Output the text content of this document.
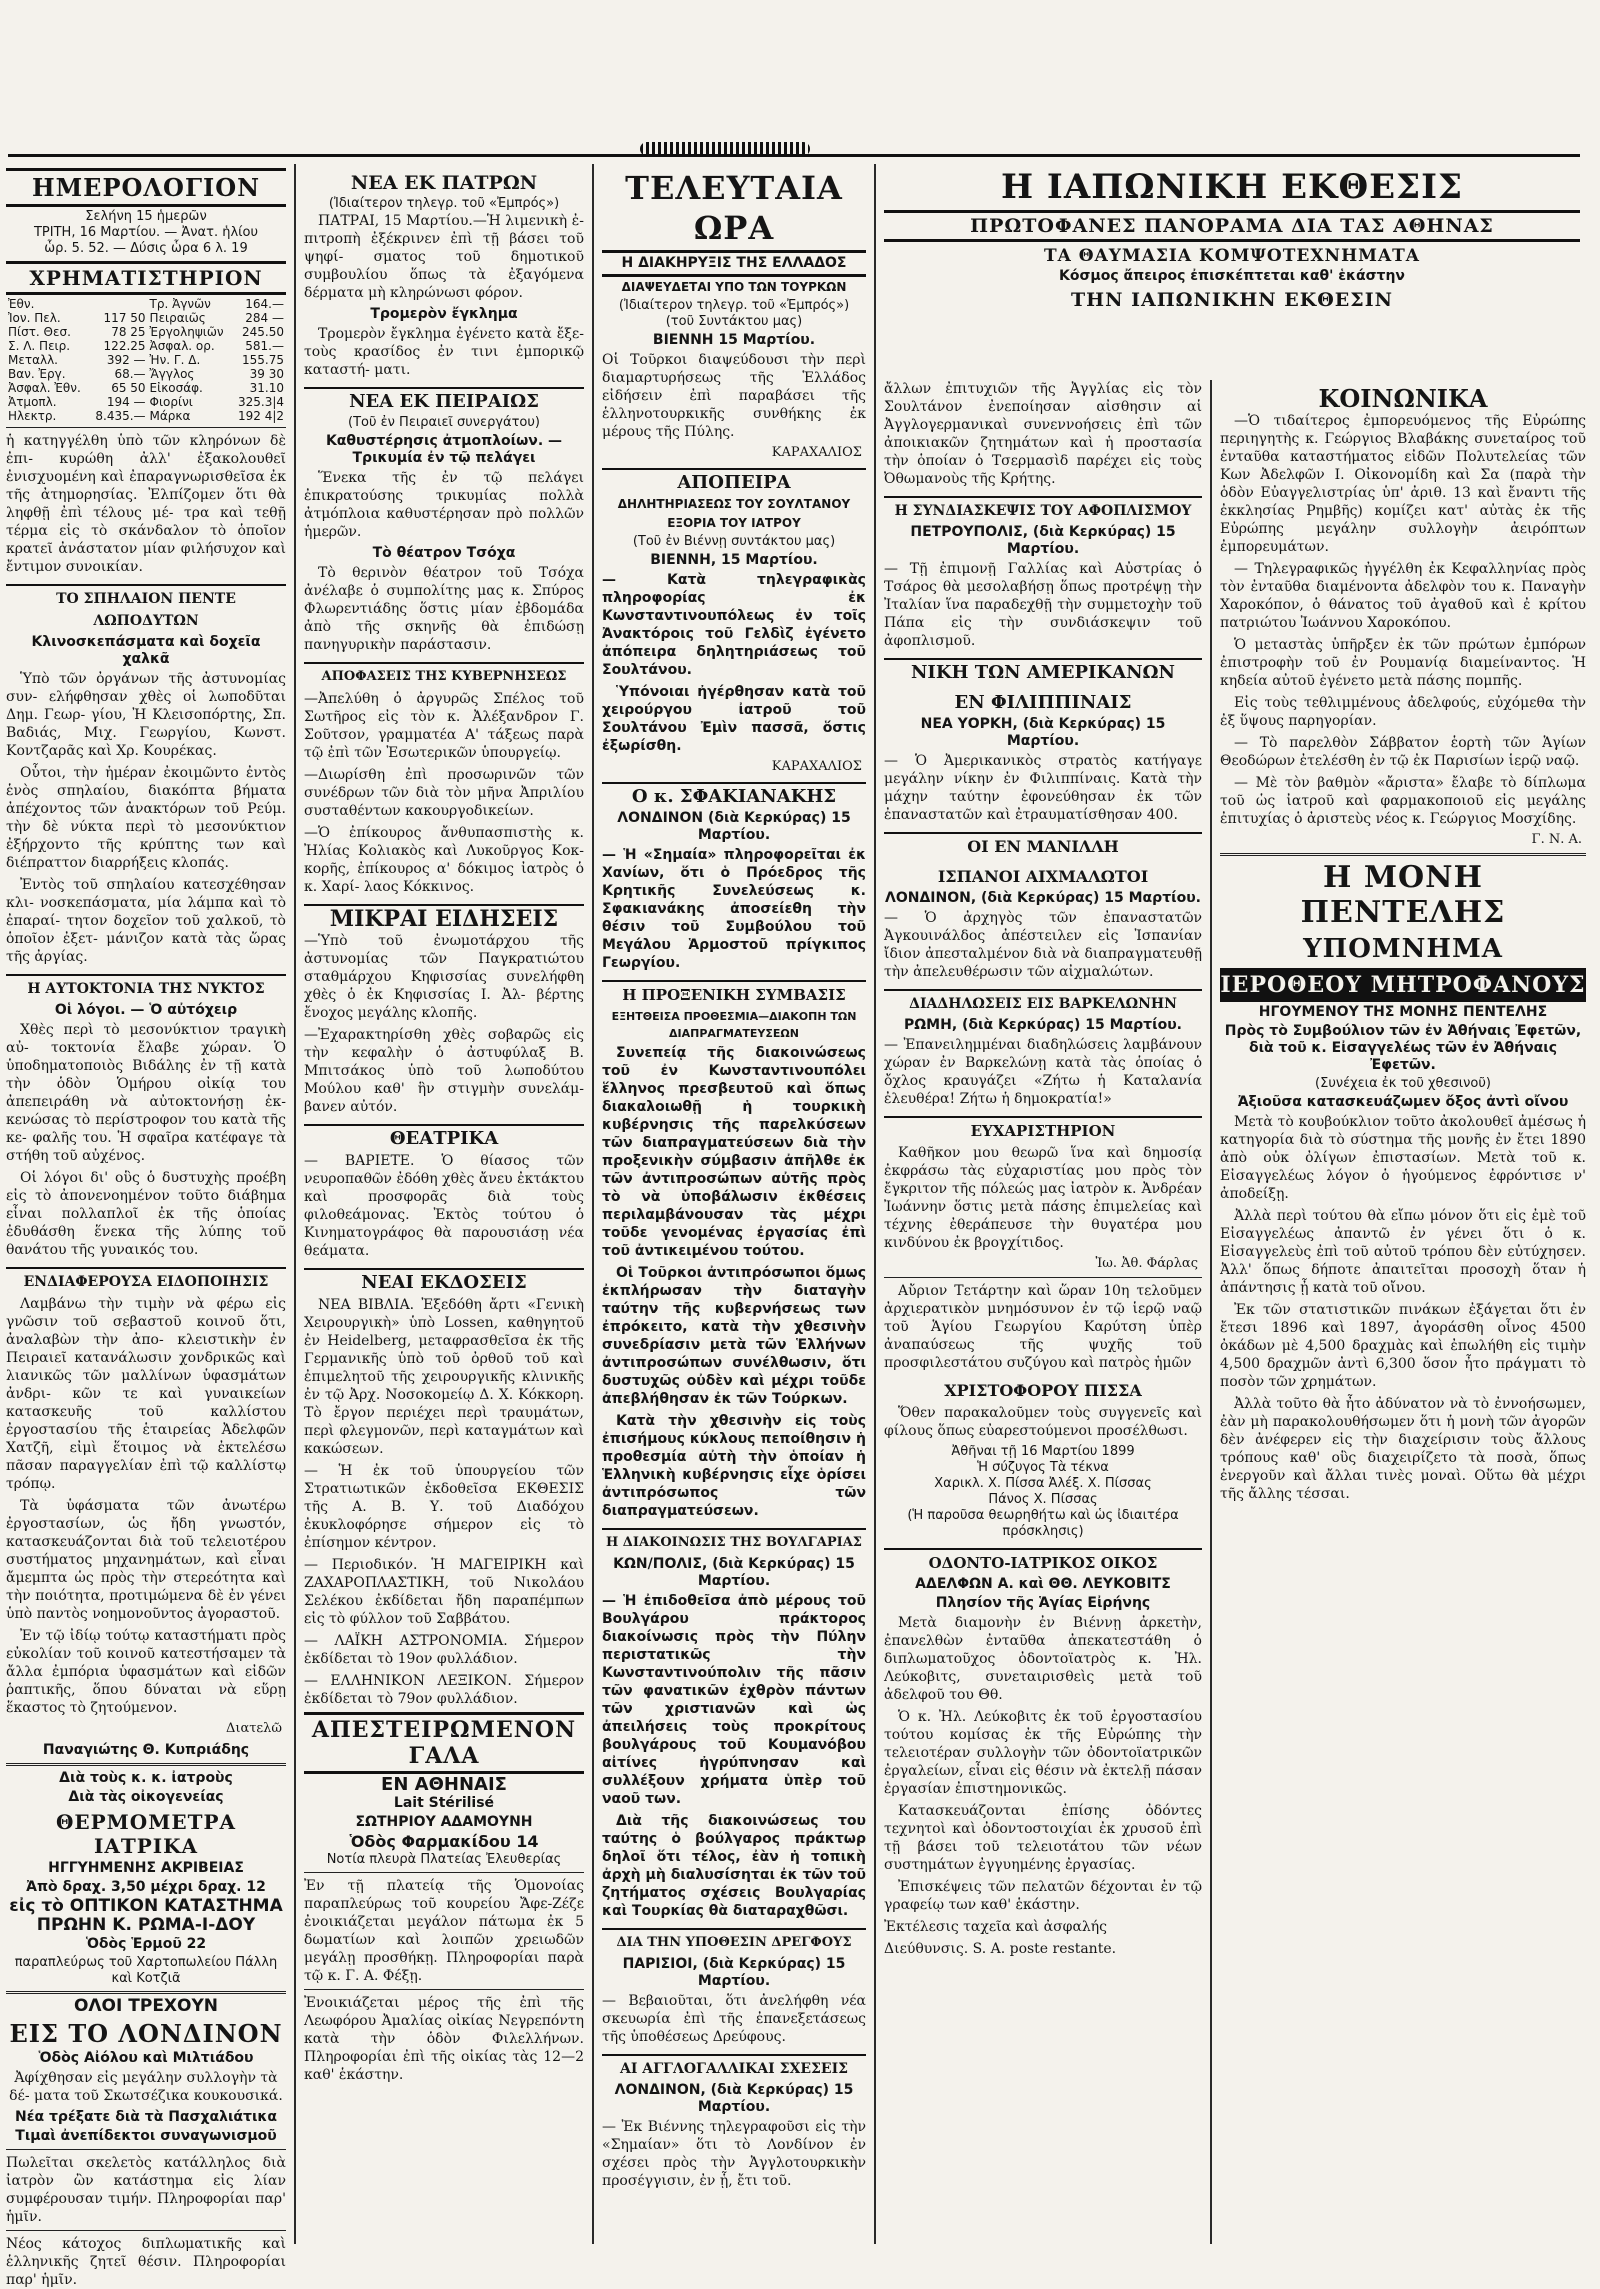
ΗΜΕΡΟΛΟΓΙΟΝ
Σελήνη 15 ἡμερῶν
ΤΡΙΤΗ, 16 Μαρτίου. — Ἀνατ. ἡλίου
ὧρ. 5. 52. — Δύσις ὧρα 6 λ. 19
ΧΡΗΜΑΤΙΣΤΗΡΙΟΝ
Ἐθν.		Τρ. Ἀγνῶν	164.—
Ἰον. Πελ.	117 50	Πειραιῶς	284 —
Πίστ. Θεσ.	78 25	Ἐργοληψιῶν	245.50
Σ. Λ. Πειρ.	122.25	Ἀσφαλ. ορ.	581.—
Μεταλλ.	392 —	Ἠν. Γ. Δ.	155.75
Βαν. Ἐργ.	68.—	Ἄγγλος	39 30
Ἀσφαλ. Ἐθν.	65 50	Εἰκοσάφ.	31.10
Ἀτμοπλ.	194 —	Φιορίνι	325.3|4
Ηλεκτρ.	8.435.—	Μάρκα	192 4|2

ἡ κατηγγέλθη ὑπὸ τῶν κληρόνων δὲ ἐπι- κυρώθη ἀλλ' ἐξακολουθεῖ ἐνισχυομένη καὶ ἐπαραγνωρισθεῖσα ἐκ τῆς ἀτημορησίας. Ἐλπίζομεν ὅτι θὰ ληφθῇ ἐπὶ τέλους μέ- τρα καὶ τεθῇ τέρμα εἰς τὸ σκάνδαλον τὸ ὁποῖον κρατεῖ ἀνάστατον μίαν φιλήσυχον καὶ ἔντιμον συνοικίαν.

ΤΟ ΣΠΗΛΑΙΟΝ ΠΕΝΤΕ ΛΩΠΟΔΥΤΩΝ
Κλινοσκεπάσματα καὶ δοχεῖα χαλκᾶ

Ὑπὸ τῶν ὀργάνων τῆς ἀστυνομίας συν- ελήφθησαν χθὲς οἱ λωποδῦται Δημ. Γεωρ- γίου, Ἠ Κλεισοπόρτης, Σπ. Βαδιάς, Μιχ. Γεωργίου, Κωνστ. Κοντζαρᾶς καὶ Χρ. Κουρέκας.

Οὗτοι, τὴν ἡμέραν ἐκοιμῶντο ἐντὸς ἑνὸς σπηλαίου, διακόπτα βήματα ἀπέχοντος τῶν ἀνακτόρων τοῦ Ρεύμ. τὴν δὲ νύκτα περὶ τὸ μεσονύκτιον ἐξήρχοντο τῆς κρύπτης των καὶ διέπραττον διαρρήξεις κλοπάς.

Ἐντὸς τοῦ σπηλαίου κατεσχέθησαν κλι- νοσκεπάσματα, μία λάμπα καὶ τὸ ἐπαραί- τητον δοχεῖον τοῦ χαλκοῦ, τὸ ὁποῖον ἐξετ- μάνιζον κατὰ τὰς ὥρας τῆς ἀργίας.

Η ΑΥΤΟΚΤΟΝΙΑ ΤΗΣ ΝΥΚΤΟΣ
Οἱ λόγοι. — Ὁ αὐτόχειρ

Χθὲς περὶ τὸ μεσονύκτιον τραγικὴ αὐ- τοκτονία ἔλαβε χώραν. Ὁ ὑποδηματοποιὸς Βιδάλης ἐν τῇ κατὰ τὴν ὁδὸν Ὁμήρου οἰκίᾳ του ἀπεπειράθη νὰ αὐτοκτονήσῃ ἐκ- κενώσας τὸ περίστροφον του κατὰ τῆς κε- φαλῆς του. Ἡ σφαῖρα κατέφαγε τὰ στήθη τοῦ αὐχένος.

Οἱ λόγοι δι' οὓς ὁ δυστυχὴς προέβη εἰς τὸ ἀπονενοημένον τοῦτο διάβημα εἶναι πολλαπλοῖ ἐκ τῆς ὁποίας ἐδυθάσθη ἕνεκα τῆς λύπης τοῦ θανάτου τῆς γυναικός του.

ΕΝΔΙΑΦΕΡΟΥΣΑ ΕΙΔΟΠΟΙΗΣΙΣ

Λαμβάνω τὴν τιμὴν νὰ φέρω εἰς γνῶσιν τοῦ σεβαστοῦ κοινοῦ ὅτι, ἀναλαβὼν τὴν ἀπο- κλειστικὴν ἐν Πειραιεῖ κατανάλωσιν χονδρικῶς καὶ λιανικῶς τῶν μαλλίνων ὑφασμάτων ἀνδρι- κῶν τε καὶ γυναικείων κατασκευῆς τοῦ καλλίστου ἐργοστασίου τῆς ἑταιρείας Ἀδελφῶν Χατζῆ, εἰμὶ ἕτοιμος νὰ ἐκτελέσω πᾶσαν παραγγελίαν ἐπὶ τῷ καλλίστῳ τρόπῳ.

Τὰ ὑφάσματα τῶν ἀνωτέρω ἐργοστασίων, ὡς ἤδη γνωστόν, κατασκευάζονται διὰ τοῦ τελειοτέρου συστήματος μηχανημάτων, καὶ εἶναι ἄμεμπτα ὡς πρὸς τὴν στερεότητα καὶ τὴν ποιότητα, προτιμώμενα δὲ ἐν γένει ὑπὸ παντὸς νοημονοῦντος ἀγοραστοῦ.

Ἐν τῷ ἰδίῳ τούτῳ καταστήματι πρὸς εὐκολίαν τοῦ κοινοῦ κατεστήσαμεν τὰ ἄλλα ἐμπόρια ὑφασμάτων καὶ εἰδῶν ῥαπτικῆς, ὅπου δύναται νὰ εὕρῃ ἕκαστος τὸ ζητούμενον.

Διατελῶ
Παναγιώτης Θ. Κυπριάδης
Διὰ τοὺς κ. κ. ἰατροὺς
Διὰ τὰς οἰκογενείας
ΘΕΡΜΟΜΕΤΡΑ ΙΑΤΡΙΚΑ
ΗΓΓΥΗΜΕΝΗΣ ΑΚΡΙΒΕΙΑΣ
Ἀπὸ δραχ. 3,50 μέχρι δραχ. 12
εἰς τὸ ΟΠΤΙΚΟΝ ΚΑΤΑΣΤΗΜΑ
ΠΡΩΗΝ Κ. ΡΩΜΑ-Ι-ΔΟΥ
Ὁδὸς Ἑρμοῦ 22
παραπλεύρως τοῦ Χαρτοπωλείου Πάλλη καὶ Κοτζιᾶ
ΟΛΟΙ ΤΡΕΧΟΥΝ
ΕΙΣ ΤΟ ΛΟΝΔΙΝΟΝ
Ὁδὸς Αἰόλου καὶ Μιλτιάδου

Ἀφίχθησαν εἰς μεγάλην συλλογὴν τὰ δέ- ματα τοῦ Σκωτσέζικα κουκουσικά.

Νέα τρέξατε διὰ τὰ Πασχαλιάτικα
Τιμαὶ ἀνεπίδεκτοι συναγωνισμοῦ

Πωλεῖται σκελετὸς κατάλληλος διὰ ἰατρὸν ὢν κατάστημα εἰς λίαν συμφέρουσαν τιμήν. Πληροφορίαι παρ' ἡμῖν.

Νέος κάτοχος διπλωματικῆς καὶ ἑλληνικῆς ζητεῖ θέσιν. Πληροφορίαι παρ' ἡμῖν.

ΝΕΑ ΕΚ ΠΑΤΡΩΝ
(Ἰδιαίτερον τηλεγρ. τοῦ «Ἐμπρός»)

ΠΑΤΡΑΙ, 15 Μαρτίου.—Ἡ λιμενικὴ ἐ- πιτροπὴ ἐξέκρινεν ἐπὶ τῇ βάσει τοῦ ψηφί- σματος τοῦ δημοτικοῦ συμβουλίου ὅπως τὰ ἐξαγόμενα δέρματα μὴ κληρώνωσι φόρον.

Τρομερὸν ἔγκλημα

Τρομερὸν ἔγκλημα ἐγένετο κατὰ ἔξε- τοὺς κρασίδος ἐν τινι ἐμπορικῷ καταστή- ματι.

ΝΕΑ ΕΚ ΠΕΙΡΑΙΩΣ
(Τοῦ ἐν Πειραιεῖ συνεργάτου)
Καθυστέρησις ἀτμοπλοίων. — Τρικυμία ἐν τῷ πελάγει

Ἕνεκα τῆς ἐν τῷ πελάγει ἐπικρατούσης τρικυμίας πολλὰ ἀτμόπλοια καθυστέρησαν πρὸ πολλῶν ἡμερῶν.

Τὸ θέατρον Τσόχα

Τὸ θερινὸν θέατρον τοῦ Τσόχα ἀνέλαβε ὁ συμπολίτης μας κ. Σπύρος Φλωρεντιάδης ὅστις μίαν ἐβδομάδα ἀπὸ τῆς σκηνῆς θὰ ἐπιδώσῃ πανηγυρικὴν παράστασιν.

ΑΠΟΦΑΣΕΙΣ ΤΗΣ ΚΥΒΕΡΝΗΣΕΩΣ

—Ἀπελύθη ὁ ἀργυρῶς Σπέλος τοῦ Σωτῆρος εἰς τὸν κ. Ἀλέξανδρον Γ. Σοῦτσον, γραμματέα Α' τάξεως παρὰ τῷ ἐπὶ τῶν Ἐσωτερικῶν ὑπουργείῳ.

—Διωρίσθη ἐπὶ προσωρινῶν τῶν συνέδρων τῶν διὰ τὸν μῆνα Ἀπριλίου συσταθέντων κακουργοδικείων.

—Ὁ ἐπίκουρος ἄνθυπασπιστὴς κ. Ἠλίας Κολιακὸς καὶ Λυκοῦργος Κοκ- κορῆς, ἐπίκουρος α' δόκιμος ἰατρὸς ὁ κ. Χαρί- λαος Κόκκινος.

ΜΙΚΡΑΙ ΕΙΔΗΣΕΙΣ

—Ὑπὸ τοῦ ἐνωμοτάρχου τῆς ἀστυνομίας τῶν Παγκρατιώτου σταθμάρχου Κηφισσίας συνελήφθη χθὲς ὁ ἐκ Κηφισσίας Ι. Ἀλ- βέρτης ἔνοχος μεγάλης κλοπῆς.

—Ἐχαρακτηρίσθη χθὲς σοβαρῶς εἰς τὴν κεφαλὴν ὁ ἀστυφύλαξ Β. Μπιτσάκος ὑπὸ τοῦ λωποδύτου Μούλου καθ' ἣν στιγμὴν συνελάμ- βανεν αὐτόν.

ΘΕΑΤΡΙΚΑ

— ΒΑΡΙΕΤΕ. Ὁ θίασος τῶν νευροπαθῶν ἐδόθη χθὲς ἄνευ ἐκτάκτου καὶ προσφορᾶς διὰ τοὺς φιλοθεάμονας. Ἐκτὸς τούτου ὁ Κινηματογράφος θὰ παρουσιάσῃ νέα θεάματα.

ΝΕΑΙ ΕΚΔΟΣΕΙΣ

ΝΕΑ ΒΙΒΛΙΑ. Ἐξεδόθη ἄρτι «Γενικὴ Χειρουργικὴ» ὑπὸ Lossen, καθηγητοῦ ἐν Heidelberg, μεταφρασθεῖσα ἐκ τῆς Γερμανικῆς ὑπὸ τοῦ ὀρθοῦ τοῦ καὶ ἐπιμελητοῦ τῆς χειρουργικῆς κλινικῆς ἐν τῷ Ἀρχ. Νοσοκομείῳ Δ. Χ. Κόκκορη. Τὸ ἔργον περιέχει περὶ τραυμάτων, περὶ φλεγμονῶν, περὶ καταγμάτων καὶ κακώσεων.

— Ἡ ἐκ τοῦ ὑπουργείου τῶν Στρατιωτικῶν ἐκδοθεῖσα ΕΚΘΕΣΙΣ τῆς Α. Β. Υ. τοῦ Διαδόχου ἐκυκλοφόρησε σήμερον εἰς τὸ ἐπίσημον κέντρον.

— Περιοδικόν. Ἡ ΜΑΓΕΙΡΙΚΗ καὶ ΖΑΧΑΡΟΠΛΑΣΤΙΚΗ, τοῦ Νικολάου Σελέκου ἐκδίδεται ἤδη παραπέμπων εἰς τὸ φύλλον τοῦ Σαββάτου.

— ΛΑΪΚΗ ΑΣΤΡΟΝΟΜΙΑ. Σήμερον ἐκδίδεται τὸ 19ον φυλλάδιον.

— ΕΛΛΗΝΙΚΟΝ ΛΕΞΙΚΟΝ. Σήμερον ἐκδίδεται τὸ 79ον φυλλάδιον.

ΑΠΕΣΤΕΙΡΩΜΕΝΟΝ ΓΑΛΑ
ΕΝ ΑΘΗΝΑΙΣ
Lait Stérilisé
ΣΩΤΗΡΙΟΥ ΑΔΑΜΟΥΝΗ
Ὁδὸς Φαρμακίδου 14
Νοτία πλευρὰ Πλατείας Ἐλευθερίας

Ἐν τῇ πλατείᾳ τῆς Ὁμονοίας παραπλεύρως τοῦ κουρείου Ἄφε-Ζέζε ἐνοικιάζεται μεγάλον πάτωμα ἐκ 5 δωματίων καὶ λοιπῶν χρειωδῶν μεγάλῃ προσθήκῃ. Πληροφορίαι παρὰ τῷ κ. Γ. Α. Φέξῃ.

Ἐνοικιάζεται μέρος τῆς ἐπὶ τῆς Λεωφόρου Ἀμαλίας οἰκίας Νεγρεπόντη κατὰ τὴν ὁδὸν Φιλελλήνων. Πληροφορίαι ἐπὶ τῆς οἰκίας τὰς 12—2 καθ' ἑκάστην.

ΤΕΛΕΥΤΑΙΑ ΩΡΑ
Η ΔΙΑΚΗΡΥΞΙΣ ΤΗΣ ΕΛΛΑΔΟΣ
ΔΙΑΨΕΥΔΕΤΑΙ ΥΠΟ ΤΩΝ ΤΟΥΡΚΩΝ
(Ἰδιαίτερον τηλεγρ. τοῦ «Ἐμπρός»)
(τοῦ Συντάκτου μας)
ΒΙΕΝΝΗ 15 Μαρτίου.

Οἱ Τοῦρκοι διαψεύδουσι τὴν περὶ διαμαρτυρήσεως τῆς Ἑλλάδος εἰδήσειν ἐπὶ παραβάσει τῆς ἑλληνοτουρκικῆς συνθήκης ἐκ μέρους τῆς Πύλης.

ΚΑΡΑΧΑΛΙΟΣ
ΑΠΟΠΕΙΡΑ
ΔΗΛΗΤΗΡΙΑΣΕΩΣ ΤΟΥ ΣΟΥΛΤΑΝΟΥ
ΕΞΟΡΙΑ ΤΟΥ ΙΑΤΡΟΥ
(Τοῦ ἐν Βιέννῃ συντάκτου μας)
ΒΙΕΝΝΗ, 15 Μαρτίου.

— Κατὰ τηλεγραφικὰς πληροφορίας ἐκ Κωνσταντινουπόλεως ἐν τοῖς Ἀνακτόροις τοῦ Γελδὶζ ἐγένετο ἀπόπειρα δηλητηριάσεως τοῦ Σουλτάνου.

Ὑπόνοιαι ἠγέρθησαν κατὰ τοῦ χειρούργου ἰατροῦ τοῦ Σουλτάνου Ἐμὶν πασσᾶ, ὅστις ἐξωρίσθη.

ΚΑΡΑΧΑΛΙΟΣ
Ο κ. ΣΦΑΚΙΑΝΑΚΗΣ
ΛΟΝΔΙΝΟΝ (διὰ Κερκύρας) 15 Μαρτίου.

— Ἡ «Σημαία» πληροφορεῖται ἐκ Χανίων, ὅτι ὁ Πρόεδρος τῆς Κρητικῆς Συνελεύσεως κ. Σφακιανάκης ἀποσείεθη τὴν θέσιν τοῦ Συμβούλου τοῦ Μεγάλου Ἁρμοστοῦ πρίγκιπος Γεωργίου.

Η ΠΡΟΞΕΝΙΚΗ ΣΥΜΒΑΣΙΣ
ΕΞΗΤΘΕΙΣΑ ΠΡΟΘΕΣΜΙΑ—ΔΙΑΚΟΠΗ ΤΩΝ ΔΙΑΠΡΑΓΜΑΤΕΥΣΕΩΝ

Συνεπείᾳ τῆς διακοινώσεως τοῦ ἐν Κωνσταντινουπόλει ἕλληνος πρεσβευτοῦ καὶ ὅπως διακαλοιωθῇ ἡ τουρκικὴ κυβέρνησις τῆς παρελκύσεων τῶν διαπραγματεύσεων διὰ τὴν προξενικὴν σύμβασιν ἀπῆλθε ἐκ τῶν ἀντιπροσώπων αὐτῆς πρὸς τὸ νὰ ὑποβάλωσιν ἐκθέσεις περιλαμβάνουσαν τὰς μέχρι τοῦδε γενομένας ἐργασίας ἐπὶ τοῦ ἀντικειμένου τούτου.

Οἱ Τοῦρκοι ἀντιπρόσωποι ὅμως ἐκπλήρωσαν τὴν διαταγὴν ταύτην τῆς κυβερνήσεως των ἐπρόκειτο, κατὰ τὴν χθεσινὴν συνεδρίασιν μετὰ τῶν Ἑλλήνων ἀντιπροσώπων συνέλθωσιν, ὅτι δυστυχῶς οὐδὲν καὶ μέχρι τοῦδε ἀπεβλήθησαν ἐκ τῶν Τούρκων.

Κατὰ τὴν χθεσινὴν εἰς τοὺς ἐπισήμους κύκλους πεποίθησιν ἡ προθεσμία αὐτὴ τὴν ὁποίαν ἡ Ἑλληνικὴ κυβέρνησις εἶχε ὁρίσει ἀντιπρόσωπος τῶν διαπραγματεύσεων.

Η ΔΙΑΚΟΙΝΩΣΙΣ ΤΗΣ ΒΟΥΛΓΑΡΙΑΣ
ΚΩΝ/ΠΟΛΙΣ, (διὰ Κερκύρας) 15 Μαρτίου.

— Ἡ ἐπιδοθεῖσα ἀπὸ μέρους τοῦ Βουλγάρου πράκτορος διακοίνωσις πρὸς τὴν Πύλην περιστατικῶς τὴν Κωνσταντινούπολιν τῆς πᾶσιν τῶν φανατικῶν ἐχθρὸν πάντων τῶν χριστιανῶν καὶ ὡς ἀπειλήσεις τοὺς προκρίτους βουλγάρους τοῦ Κουμανόβου αἰτίνες ἠγρύπνησαν καὶ συλλέξουν χρήματα ὑπὲρ τοῦ ναοῦ των.

Διὰ τῆς διακοινώσεως του ταύτης ὁ βούλγαρος πράκτωρ δηλοῖ ὅτι τέλος, ἐὰν ἡ τοπικὴ ἀρχὴ μὴ διαλυσίσηται ἐκ τῶν τοῦ ζητήματος σχέσεις Βουλγαρίας καὶ Τουρκίας θὰ διαταραχθῶσι.

ΔΙΑ ΤΗΝ ΥΠΟΘΕΣΙΝ ΔΡΕΓΦΟΥΣ
ΠΑΡΙΣΙΟΙ, (διὰ Κερκύρας) 15 Μαρτίου.

— Βεβαιοῦται, ὅτι ἀνελήφθη νέα σκευωρία ἐπὶ τῆς ἐπανεξετάσεως τῆς ὑποθέσεως Δρεύφους.

ΑΙ ΑΓΓΛΟΓΑΛΛΙΚΑΙ ΣΧΕΣΕΙΣ
ΛΟΝΔΙΝΟΝ, (διὰ Κερκύρας) 15 Μαρτίου.

— Ἐκ Βιέννης τηλεγραφοῦσι εἰς τὴν «Σημαίαν» ὅτι τὸ Λονδίνον ἐν σχέσει πρὸς τὴν Ἀγγλοτουρκικὴν προσέγγισιν, ἐν ᾗ, ἔτι τοῦ.

Η ΙΑΠΩΝΙΚΗ ΕΚΘΕΣΙΣ
ΠΡΩΤΟΦΑΝΕΣ ΠΑΝΟΡΑΜΑ ΔΙΑ ΤΑΣ ΑΘΗΝΑΣ
ΤΑ ΘΑΥΜΑΣΙΑ ΚΟΜΨΟΤΕΧΝΗΜΑΤΑ
Κόσμος ἄπειρος ἐπισκέπτεται καθ' ἑκάστην
ΤΗΝ ΙΑΠΩΝΙΚΗΝ ΕΚΘΕΣΙΝ

ἄλλων ἐπιτυχιῶν τῆς Ἀγγλίας εἰς τὸν Σουλτάνον ἐνεποίησαν αἰσθησιν αἱ Ἀγγλογερμανικαὶ συνεννοήσεις ἐπὶ τῶν ἀποικιακῶν ζητημάτων καὶ ἡ προστασία τὴν ὁποίαν ὁ Τσερμασὶδ παρέχει εἰς τοὺς Ὀθωμανοὺς τῆς Κρήτης.

Η ΣΥΝΔΙΑΣΚΕΨΙΣ ΤΟΥ ΑΦΟΠΛΙΣΜΟΥ
ΠΕΤΡΟΥΠΟΛΙΣ, (διὰ Κερκύρας) 15 Μαρτίου.

— Τῇ ἐπιμονῇ Γαλλίας καὶ Αὐστρίας ὁ Τσάρος θὰ μεσολαβήσῃ ὅπως προτρέψῃ τὴν Ἰταλίαν ἵνα παραδεχθῇ τὴν συμμετοχὴν τοῦ Πάπα εἰς τὴν συνδιάσκεψιν τοῦ ἀφοπλισμοῦ.

ΝΙΚΗ ΤΩΝ ΑΜΕΡΙΚΑΝΩΝ
ΕΝ ΦΙΛΙΠΠΙΝΑΙΣ
ΝΕΑ ΥΟΡΚΗ, (διὰ Κερκύρας) 15 Μαρτίου.

— Ὁ Ἀμερικανικὸς στρατὸς κατήγαγε μεγάλην νίκην ἐν Φιλιππίναις. Κατὰ τὴν μάχην ταύτην ἐφονεύθησαν ἐκ τῶν ἐπαναστατῶν καὶ ἐτραυματίσθησαν 400.

ΟΙ ΕΝ ΜΑΝΙΛΛΗ
ΙΣΠΑΝΟΙ ΑΙΧΜΑΛΩΤΟΙ
ΛΟΝΔΙΝΟΝ, (διὰ Κερκύρας) 15 Μαρτίου.

— Ὁ ἀρχηγὸς τῶν ἐπαναστατῶν Ἀγκουινάλδος ἀπέστειλεν εἰς Ἰσπανίαν ἴδιον ἀπεσταλμένον διὰ νὰ διαπραγματευθῇ τὴν ἀπελευθέρωσιν τῶν αἰχμαλώτων.

ΔΙΑΔΗΛΩΣΕΙΣ ΕΙΣ ΒΑΡΚΕΛΩΝΗΝ
ΡΩΜΗ, (διὰ Κερκύρας) 15 Μαρτίου.

— Ἐπανειλημμέναι διαδηλώσεις λαμβάνουν χώραν ἐν Βαρκελώνῃ κατὰ τὰς ὁποίας ὁ ὄχλος κραυγάζει «Ζήτω ἡ Καταλανία ἐλευθέρα! Ζήτω ἡ δημοκρατία!»

ΕΥΧΑΡΙΣΤΗΡΙΟΝ

Καθῆκον μου θεωρῶ ἵνα καὶ δημοσίᾳ ἐκφράσω τὰς εὐχαριστίας μου πρὸς τὸν ἔγκριτον τῆς πόλεώς μας ἰατρὸν κ. Ἀνδρέαν Ἰωάννην ὅστις μετὰ πάσης ἐπιμελείας καὶ τέχνης ἐθεράπευσε τὴν θυγατέρα μου κινδύνου ἐκ βρογχίτιδος.

Ἰω. Ἀθ. Φάρλας

Αὔριον Τετάρτην καὶ ὥραν 10η τελοῦμεν ἀρχιερατικὸν μνημόσυνον ἐν τῷ ἱερῷ ναῷ τοῦ Ἁγίου Γεωργίου Καρύτση ὑπὲρ ἀναπαύσεως τῆς ψυχῆς τοῦ προσφιλεστάτου συζύγου καὶ πατρὸς ἡμῶν

ΧΡΙΣΤΟΦΟΡΟΥ ΠΙΣΣΑ

Ὅθεν παρακαλοῦμεν τοὺς συγγενεῖς καὶ φίλους ὅπως εὐαρεστούμενοι προσέλθωσι.

Ἀθῆναι τῇ 16 Μαρτίου 1899
Ἡ σύζυγος Τὰ τέκνα
Χαρικλ. Χ. Πίσσα Ἀλέξ. Χ. Πίσσας
Πάνος Χ. Πίσσας
(Ἡ παροῦσα θεωρηθήτω καὶ ὡς ἰδιαιτέρα πρόσκλησις)
ΟΔΟΝΤΟ-ΙΑΤΡΙΚΟΣ ΟΙΚΟΣ
ΑΔΕΛΦΩΝ Α. καὶ ΘΘ. ΛΕΥΚΟΒΙΤΣ
Πλησίον τῆς Ἁγίας Εἰρήνης

Μετὰ διαμονὴν ἐν Βιέννῃ ἀρκετὴν, ἐπανελθὼν ἐνταῦθα ἀπεκατεστάθη ὁ διπλωματοῦχος ὀδοντοϊατρὸς κ. Ἠλ. Λεύκοβιτς, συνεταιρισθεὶς μετὰ τοῦ ἀδελφοῦ του Θθ.

Ὁ κ. Ἠλ. Λεύκοβιτς ἐκ τοῦ ἐργοστασίου τούτου κομίσας ἐκ τῆς Εὐρώπης τὴν τελειοτέραν συλλογὴν τῶν ὀδοντοϊατρικῶν ἐργαλείων, εἶναι εἰς θέσιν νὰ ἐκτελῇ πάσαν ἐργασίαν ἐπιστημονικῶς.

Κατασκευάζονται ἐπίσης ὀδόντες τεχνητοὶ καὶ ὀδοντοστοιχίαι ἐκ χρυσοῦ ἐπὶ τῇ βάσει τοῦ τελειοτάτου τῶν νέων συστημάτων ἐγγυημένης ἐργασίας.

Ἐπισκέψεις τῶν πελατῶν δέχονται ἐν τῷ γραφείῳ των καθ' ἑκάστην.

Ἐκτέλεσις ταχεῖα καὶ ἀσφαλής

Διεύθυνσις. S. A. poste restante.

ΚΟΙΝΩΝΙΚΑ

—Ὁ τιδαίτερος ἐμπορευόμενος τῆς Εὐρώπης περιηγητὴς κ. Γεώργιος Βλαβάκης συνεταίρος τοῦ ἐνταῦθα καταστήματος εἰδῶν Πολυτελείας τῶν Κων Ἀδελφῶν Ι. Οἰκονομίδη καὶ Σα (παρὰ τὴν ὁδὸν Εὐαγγελιστρίας ὑπ' ἀριθ. 13 καὶ ἔναντι τῆς ἐκκλησίας Ρημβῆς) κομίζει κατ' αὐτὰς ἐκ τῆς Εὐρώπης μεγάλην συλλογὴν ἀειρόπτων ἐμπορευμάτων.

— Τηλεγραφικῶς ἠγγέλθη ἐκ Κεφαλληνίας πρὸς τὸν ἐνταῦθα διαμένοντα ἀδελφὸν του κ. Παναγὴν Χαροκόπον, ὁ θάνατος τοῦ ἀγαθοῦ καὶ ἐ κρίτου πατριώτου Ἰωάννου Χαροκόπου.

Ὁ μεταστὰς ὑπῆρξεν ἐκ τῶν πρώτων ἐμπόρων ἐπιστροφὴν τοῦ ἐν Ρουμανίᾳ διαμείναντος. Ἡ κηδεία αὐτοῦ ἐγένετο μετὰ πάσης πομπῆς.

Εἰς τοὺς τεθλιμμένους ἀδελφούς, εὐχόμεθα τὴν ἐξ ὕψους παρηγορίαν.

— Τὸ παρελθὸν Σάββατον ἑορτὴ τῶν Ἁγίων Θεοδώρων ἐτελέσθη ἐν τῷ ἐκ Παρισίων ἱερῷ ναῷ.

— Μὲ τὸν βαθμὸν «ἄριστα» ἔλαβε τὸ δίπλωμα τοῦ ὡς ἰατροῦ καὶ φαρμακοποιοῦ εἰς μεγάλης ἐπιτυχίας ὁ ἀριστεὺς νέος κ. Γεώργιος Μοσχίδης.

Γ. Ν. Α.
Η ΜΟΝΗ ΠΕΝΤΕΛΗΣ
ΥΠΟΜΝΗΜΑ
ΙΕΡΟΘΕΟΥ ΜΗΤΡΟΦΑΝΟΥΣ
ΗΓΟΥΜΕΝΟΥ ΤΗΣ ΜΟΝΗΣ ΠΕΝΤΕΛΗΣ
Πρὸς τὸ Συμβούλιον τῶν ἐν Ἀθήναις Ἐφετῶν, διὰ τοῦ κ. Εἰσαγγελέως τῶν ἐν Ἀθήναις Ἐφετῶν.
(Συνέχεια ἐκ τοῦ χθεσινοῦ)
Ἀξιοῦσα κατασκευάζωμεν ὄξος ἀντὶ οἴνου

Μετὰ τὸ κουβούκλιον τοῦτο ἀκολουθεῖ ἀμέσως ἡ κατηγορία διὰ τὸ σύστημα τῆς μονῆς ἐν ἔτει 1890 ἀπὸ οὐκ ὀλίγων ἐπιστασίων. Μετὰ τοῦ κ. Εἰσαγγελέως λόγον ὁ ἡγούμενος ἐφρόντισε ν' ἀποδείξῃ.

Ἀλλὰ περὶ τούτου θὰ εἴπω μόνον ὅτι εἰς ἐμὲ τοῦ Εἰσαγγελέως ἀπαντῶ ἐν γένει ὅτι ὁ κ. Εἰσαγγελεὺς ἐπὶ τοῦ αὐτοῦ τρόπου δὲν εὐτύχησεν. Ἀλλ' ὅπως δήποτε ἀπαιτεῖται προσοχὴ ὅταν ἡ ἀπάντησις ᾖ κατὰ τοῦ οἴνου.

Ἐκ τῶν στατιστικῶν πινάκων ἐξάγεται ὅτι ἐν ἔτεσι 1896 καὶ 1897, ἀγοράσθη οἶνος 4500 ὀκάδων μὲ 4,500 δραχμὰς καὶ ἐπωλήθη εἰς τιμὴν 4,500 δραχμῶν ἀντὶ 6,300 ὅσον ἦτο πράγματι τὸ ποσὸν τῶν χρημάτων.

Ἀλλὰ τοῦτο θὰ ἦτο ἀδύνατον νὰ τὸ ἐννοήσωμεν, ἐὰν μὴ παρακολουθήσωμεν ὅτι ἡ μονὴ τῶν ἀγορῶν δὲν ἀνέφερεν εἰς τὴν διαχείρισιν τοὺς ἄλλους τρόπους καθ' οὓς διαχειρίζετο τὰ ποσὰ, ὅπως ἐνεργοῦν καὶ ἄλλαι τινὲς μοναὶ. Οὕτω θὰ μέχρι τῆς ἄλλης τέσσαι.
